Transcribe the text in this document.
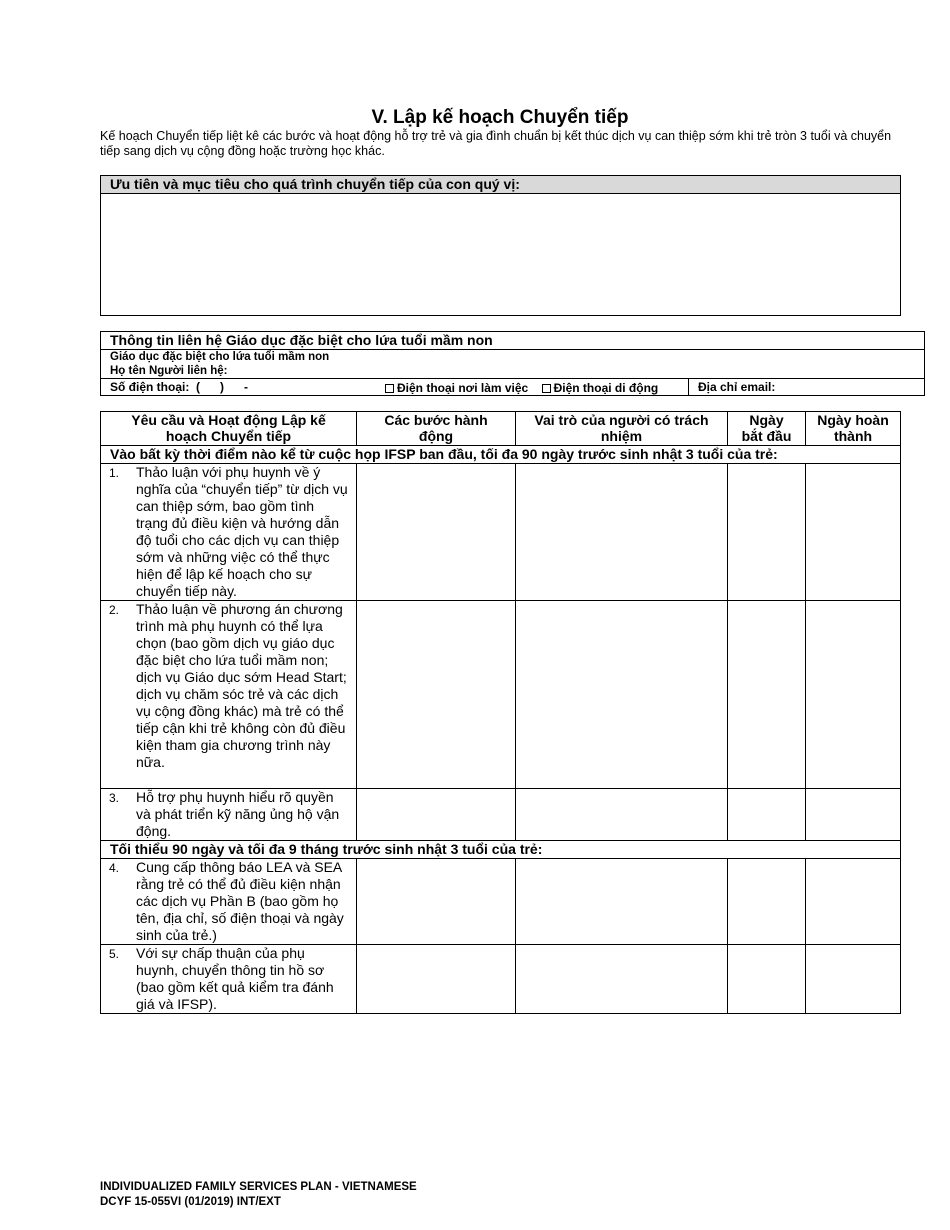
V. Lập kế hoạch Chuyển tiếp
Kế hoạch Chuyển tiếp liệt kê các bước và hoạt động hỗ trợ trẻ và gia đình chuẩn bị kết thúc dịch vụ can thiệp sớm khi trẻ tròn 3 tuổi và chuyển tiếp sang dịch vụ cộng đồng hoặc trường học khác.
Ưu tiên và mục tiêu cho quá trình chuyển tiếp của con quý vị:
Thông tin liên hệ Giáo dục đặc biệt cho lứa tuổi mầm non
Giáo dục đặc biệt cho lứa tuổi mầm non
Họ tên Người liên hệ:
Số điện thoại:  (      )      -	Điện thoại nơi làm việc Điện thoại di động	Địa chỉ email:
Yêu cầu và Hoạt động Lập kế hoạch Chuyển tiếp	Các bước hành động	Vai trò của người có trách nhiệm	Ngày bắt đầu	Ngày hoàn thành
Vào bất kỳ thời điểm nào kể từ cuộc họp IFSP ban đầu, tối đa 90 ngày trước sinh nhật 3 tuổi của trẻ:				

1. Thảo luận với phụ huynh về ý nghĩa của “chuyển tiếp” từ dịch vụ can thiệp sớm, bao gồm tình trạng đủ điều kiện và hướng dẫn độ tuổi cho các dịch vụ can thiệp sớm và những việc có thể thực hiện để lập kế hoạch cho sự chuyển tiếp này.				

2. Thảo luận về phương án chương trình mà phụ huynh có thể lựa chọn (bao gồm dịch vụ giáo dục đặc biệt cho lứa tuổi mầm non; dịch vụ Giáo dục sớm Head Start; dịch vụ chăm sóc trẻ và các dịch vụ cộng đồng khác) mà trẻ có thể tiếp cận khi trẻ không còn đủ điều kiện tham gia chương trình này nữa.				

3. Hỗ trợ phụ huynh hiểu rõ quyền và phát triển kỹ năng ủng hộ vận động.				

Tối thiểu 90 ngày và tối đa 9 tháng trước sinh nhật 3 tuổi của trẻ:				

4. Cung cấp thông báo LEA và SEA rằng trẻ có thể đủ điều kiện nhận các dịch vụ Phần B (bao gồm họ tên, địa chỉ, số điện thoại và ngày sinh của trẻ.)				

5. Với sự chấp thuận của phụ huynh, chuyển thông tin hồ sơ (bao gồm kết quả kiểm tra đánh giá và IFSP).				

INDIVIDUALIZED FAMILY SERVICES PLAN - VIETNAMESE
DCYF 15-055VI (01/2019) INT/EXT
